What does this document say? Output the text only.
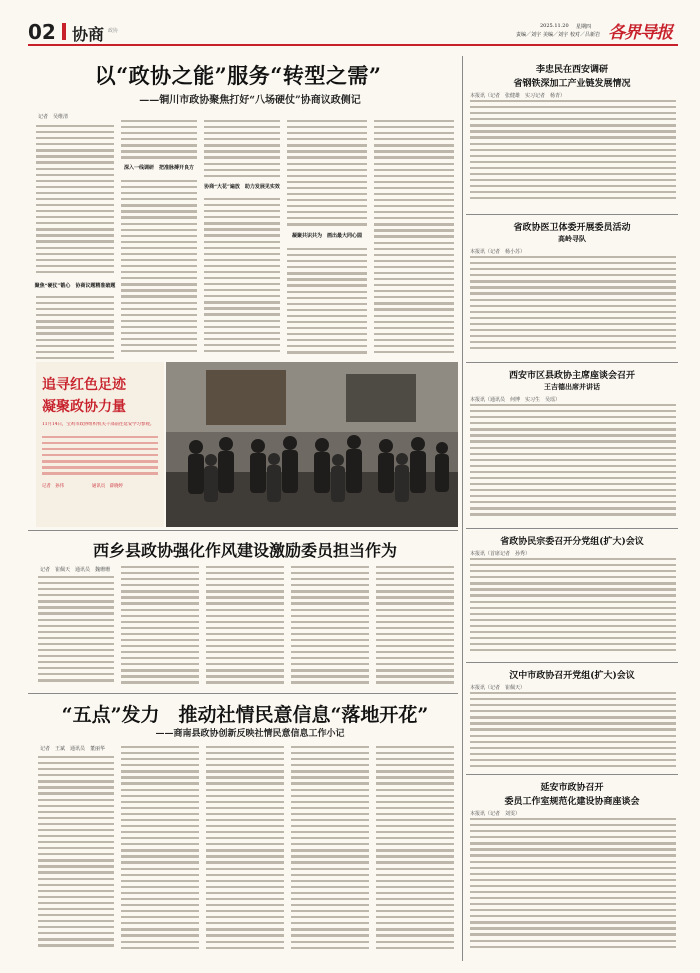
02 协商	2025.11.20 星期四
责编／刘宇 美编／刘宇 校对／吕新岩 各界导报
政协
以“政协之能”服务“转型之需”
——铜川市政协聚焦打好“八场硬仗”协商议政侧记
记者　吴维清
聚焦“硬仗”锻心　协商议题精准破题
深入一线调研　把准脉搏开良方
协商“大花”遍放　助力发展见实效
凝聚共识共为　画出最大同心圆
追寻红色足迹
凝聚政协力量
11月14日，宝鸡市政协组织机关干部前往延安学习参观。
记者　孙伟	通讯员　薛晓婷
西乡县政协强化作风建设激励委员担当作为
记者　崔佩天　通讯员　魏珊珊
“五点”发力　推动社情民意信息“落地开花”
——商南县政协创新反映社情民意信息工作小记
记者　王斌　通讯员　董丽华
李忠民在西安调研
省钢铁深加工产业链发展情况
本报讯（记者　张健雄　实习记者　杨青）
省政协医卫体委开展委员活动
高岭寻队
本报讯（记者　杨小苏）
西安市区县政协主席座谈会召开
王吉德出席并讲话
本报讯（通讯员　何博　实习生　吴瑶）
省政协民宗委召开分党组(扩大)会议
本报讯（首席记者　孙秀）
汉中市政协召开党组(扩大)会议
本报讯（记者　崔佩天）
延安市政协召开
委员工作室规范化建设协商座谈会
本报讯（记者　刘雯）
